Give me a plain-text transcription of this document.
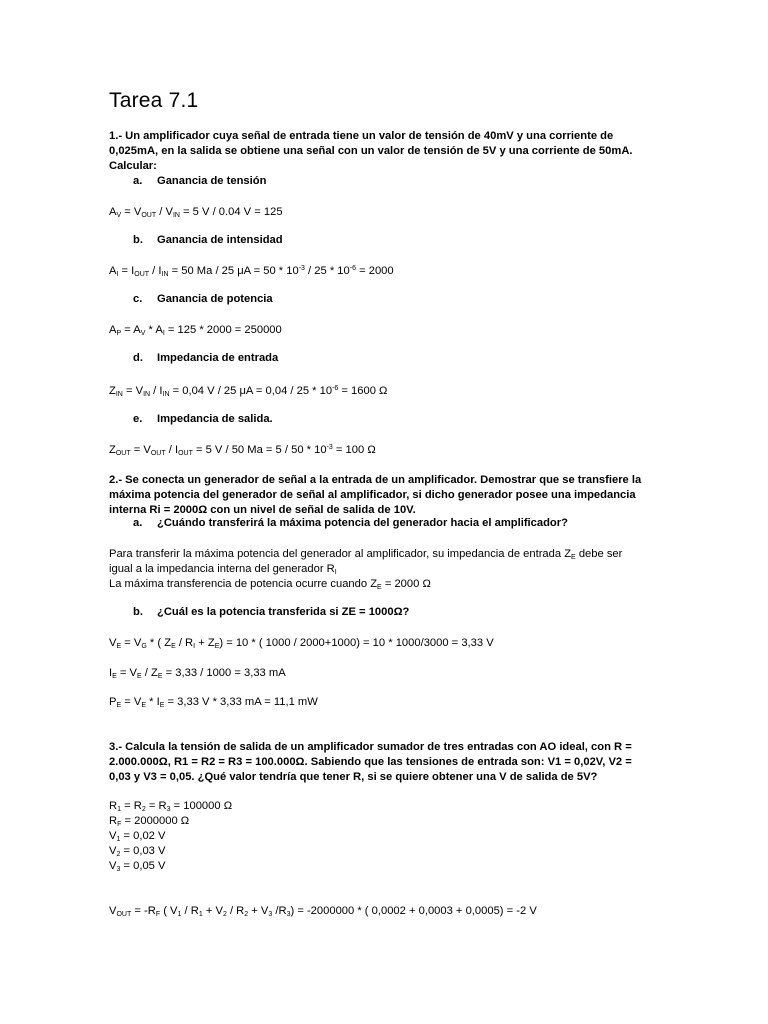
Tarea 7.1
1.- Un amplificador cuya señal de entrada tiene un valor de tensión de 40mV y una corriente de
0,025mA, en la salida se obtiene una señal con un valor de tensión de 5V y una corriente de 50mA.
Calcular:
a. Ganancia de tensión
$A_V = V_{OUT} / V_{IN} = 5$ V / 0.04 V = 125
b. Ganancia de intensidad
$A_I = I_{OUT} / I_{IN} = 50$ Ma / 25 $\mu A = 50 * 10^{-3} / 25 * 10^{-6} = 2000$
c. Ganancia de potencia
$A_P = A_V * A_I = 125 * 2000 = 250000$
d. Impedancia de entrada
$Z_{IN} = V_{IN} / I_{IN} = 0,04$ V / 25 $\mu A = 0,04 / 25 * 10^{-6} = 1600$ Ω
e. Impedancia de salida.
$Z_{OUT} = V_{OUT} / I_{OUT} = 5$ V / 50 $Ma = 5 / 50 * 10^{-3} = 100$ Ω
2.- Se conecta un generador de señal a la entrada de un amplificador. Demostrar que se transfiere la
máxima potencia del generador de señal al amplificador, si dicho generador posee una impedancia
interna Ri = 2000Ω con un nivel de señal de salida de 10V.
a. ¿Cuándo transferirá la máxima potencia del generador hacia el amplificador?
Para transferir la máxima potencia del generador al amplificador, su impedancia de entrada $Z_E$ debe ser
igual a la impedancia interna del generador $R_I$
La máxima transferencia de potencia ocurre cuando $Z_E = 2000$ Ω
b. ¿Cuál es la potencia transferida si ZE = 1000Ω?
$V_E = V_G$ * ( $Z_E / R_I + Z_E) = 10$ * ( 1000 / 2000+1000) = 10 * 1000/3000 = 3,33 V
$I_E = V_E / Z_E = 3,33 / 1000 = 3,33$ mA
$P_E = V_E * I_E = 3,33$ V * 3,33 mA = 11,1 mW
3.- Calcula la tensión de salida de un amplificador sumador de tres entradas con AO ideal, con R =
2.000.000Ω, R1 = R2 = R3 = 100.000Ω. Sabiendo que las tensiones de entrada son: V1 = 0,02V, V2 =
0,03 y V3 = 0,05. ¿Qué valor tendría que tener R, si se quiere obtener una V de salida de 5V?
$R_1 = R_2 = R_3 = 100000$ Ω
$R_F = 2000000$ Ω
$V_1 = 0,02$ V
$V_2 = 0,03$ V
$V_3 = 0,05$ V
$V_{OUT} = -R_F$ ( $V_1 / R_1 + V_2 / R_2 + V_3$ $/R_3) = -2000000$ * ( 0,0002 + 0,0003 + 0,0005) = -2 V
